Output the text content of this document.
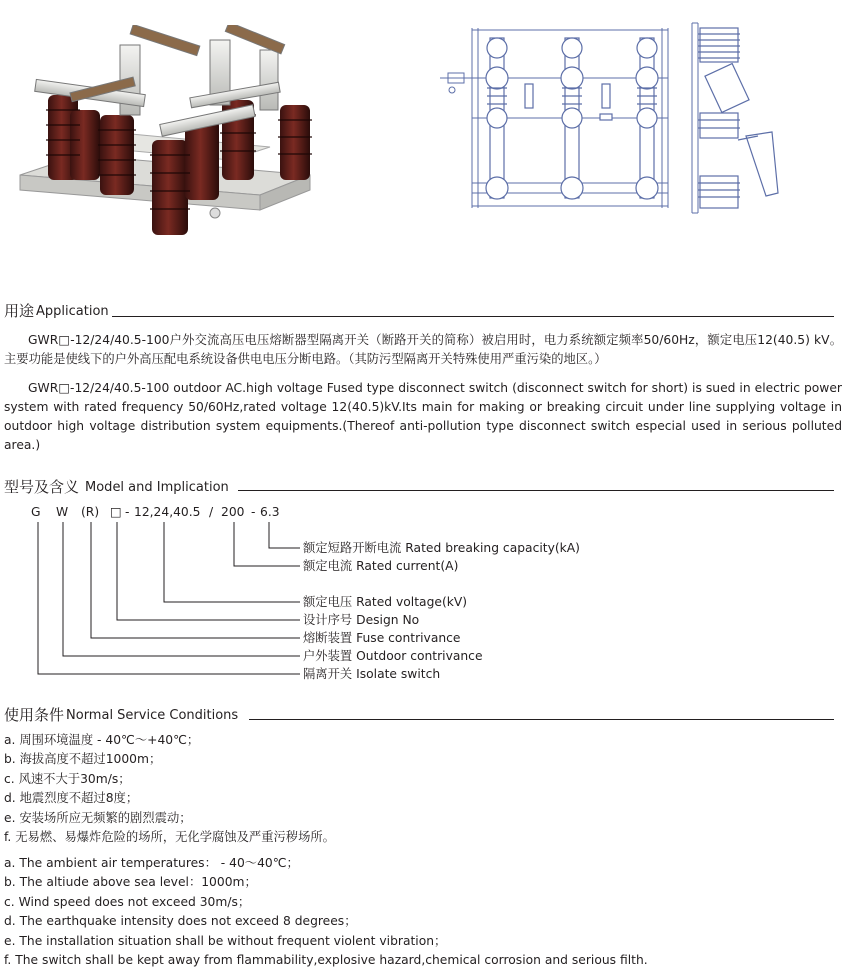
用途 Application
GWR□-12/24/40.5-100户外交流高压电压熔断器型隔离开关（断路开关的简称）被启用时，电力系统额定频率50/60Hz，额定电压12(40.5) kV。主要功能是使线下的户外高压配电系统设备供电电压分断电路。（其防污型隔离开关特殊使用严重污染的地区。）
GWR□-12/24/40.5-100 outdoor AC.high voltage Fused type disconnect switch (disconnect switch for short) is sued in electric power system with rated frequency 50/60Hz,rated voltage 12(40.5)kV.Its main for making or breaking circuit under line supplying voltage in outdoor high voltage distribution system equipments.(Thereof anti-pollution type disconnect switch especial used in serious polluted area.)
型号及含义 Model and Implication
G W (R) □ - 12,24,40.5 / 200 - 6.3
额定短路开断电流 Rated breaking capacity(kA)
额定电流 Rated current(A)
额定电压 Rated voltage(kV)
设计序号 Design No
熔断装置 Fuse contrivance
户外装置 Outdoor contrivance
隔离开关 Isolate switch
使用条件 Normal Service Conditions
a. 周围环境温度 - 40℃～+40℃；
b. 海拔高度不超过1000m；
c. 风速不大于30m/s；
d. 地震烈度不超过8度；
e. 安装场所应无频繁的剧烈震动；
f. 无易燃、易爆炸危险的场所，无化学腐蚀及严重污秽场所。
a. The ambient air temperatures： - 40～40℃；
b. The altiude above sea level：1000m；
c. Wind speed does not exceed 30m/s；
d. The earthquake intensity does not exceed 8 degrees；
e. The installation situation shall be without frequent violent vibration；
f. The switch shall be kept away from flammability,explosive hazard,chemical corrosion and serious filth.
